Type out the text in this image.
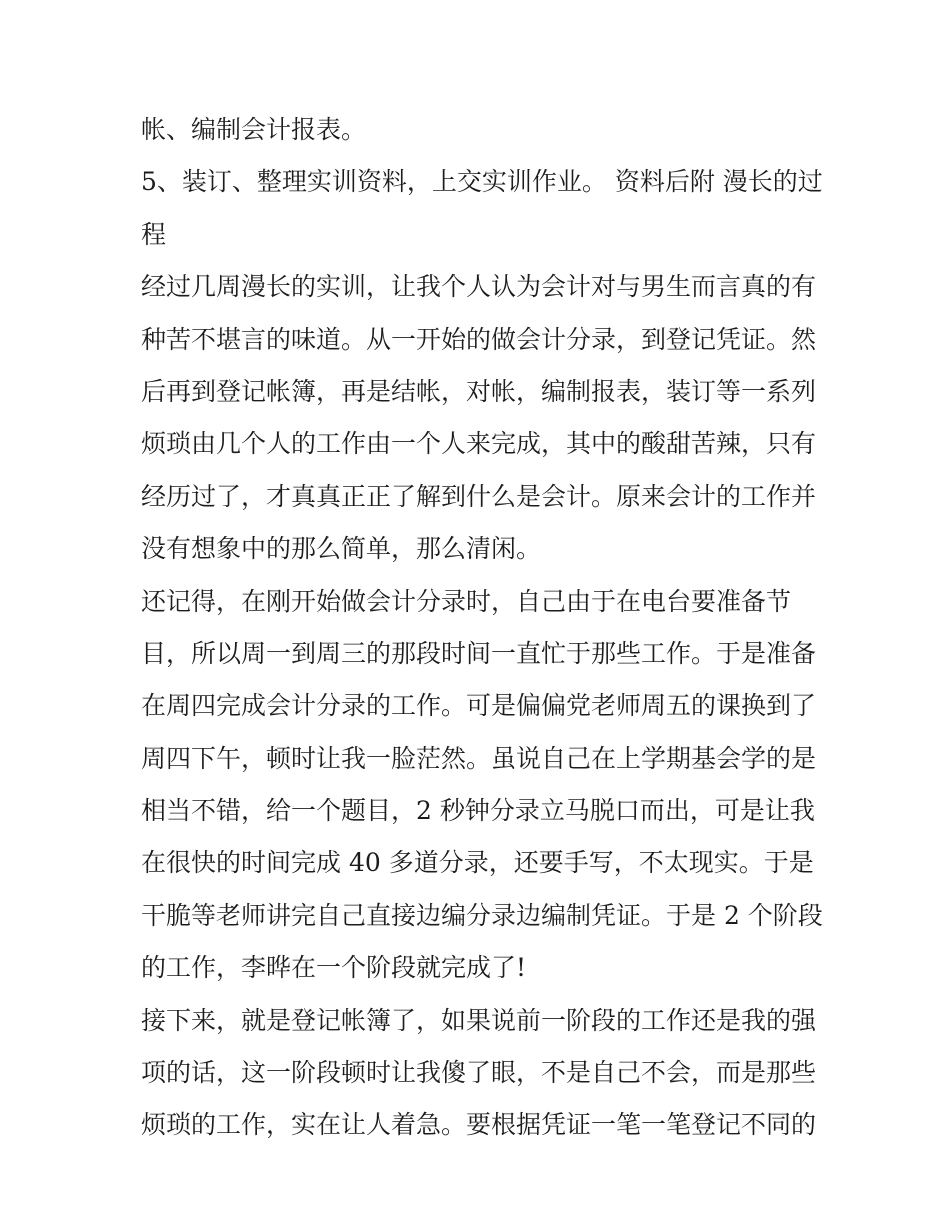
帐、编制会计报表。
5、装订、整理实训资料，上交实训作业。 资料后附 漫长的过
程
经过几周漫长的实训，让我个人认为会计对与男生而言真的有
种苦不堪言的味道。从一开始的做会计分录，到登记凭证。然
后再到登记帐簿，再是结帐，对帐，编制报表，装订等一系列
烦琐由几个人的工作由一个人来完成，其中的酸甜苦辣，只有
经历过了，才真真正正了解到什么是会计。原来会计的工作并
没有想象中的那么简单，那么清闲。
还记得，在刚开始做会计分录时，自己由于在电台要准备节
目，所以周一到周三的那段时间一直忙于那些工作。于是准备
在周四完成会计分录的工作。可是偏偏党老师周五的课换到了
周四下午，顿时让我一脸茫然。虽说自己在上学期基会学的是
相当不错，给一个题目，2 秒钟分录立马脱口而出，可是让我
在很快的时间完成 40 多道分录，还要手写，不太现实。于是
干脆等老师讲完自己直接边编分录边编制凭证。于是 2 个阶段
的工作，李晔在一个阶段就完成了!
接下来，就是登记帐簿了，如果说前一阶段的工作还是我的强
项的话，这一阶段顿时让我傻了眼，不是自己不会，而是那些
烦琐的工作，实在让人着急。要根据凭证一笔一笔登记不同的
